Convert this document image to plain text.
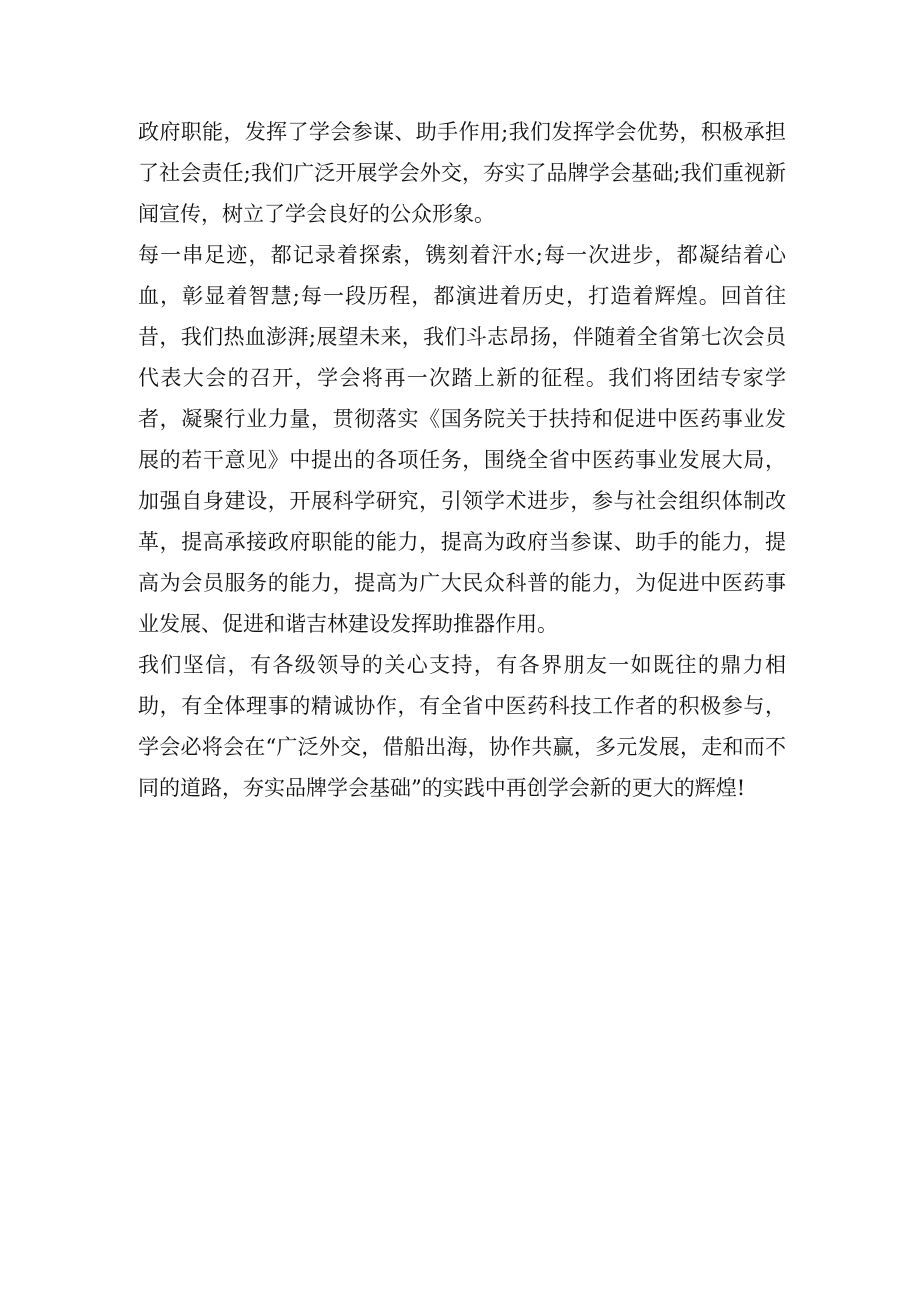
政府职能，发挥了学会参谋、助手作用;我们发挥学会优势，积极承担了社会责任;我们广泛开展学会外交，夯实了品牌学会基础;我们重视新闻宣传，树立了学会良好的公众形象。

每一串足迹，都记录着探索，镌刻着汗水;每一次进步，都凝结着心血，彰显着智慧;每一段历程，都演进着历史，打造着辉煌。回首往昔，我们热血澎湃;展望未来，我们斗志昂扬，伴随着全省第七次会员代表大会的召开，学会将再一次踏上新的征程。我们将团结专家学者，凝聚行业力量，贯彻落实《国务院关于扶持和促进中医药事业发展的若干意见》中提出的各项任务，围绕全省中医药事业发展大局，加强自身建设，开展科学研究，引领学术进步，参与社会组织体制改革，提高承接政府职能的能力，提高为政府当参谋、助手的能力，提高为会员服务的能力，提高为广大民众科普的能力，为促进中医药事业发展、促进和谐吉林建设发挥助推器作用。

我们坚信，有各级领导的关心支持，有各界朋友一如既往的鼎力相助，有全体理事的精诚协作，有全省中医药科技工作者的积极参与，学会必将会在“广泛外交，借船出海，协作共赢，多元发展，走和而不同的道路，夯实品牌学会基础”的实践中再创学会新的更大的辉煌!
